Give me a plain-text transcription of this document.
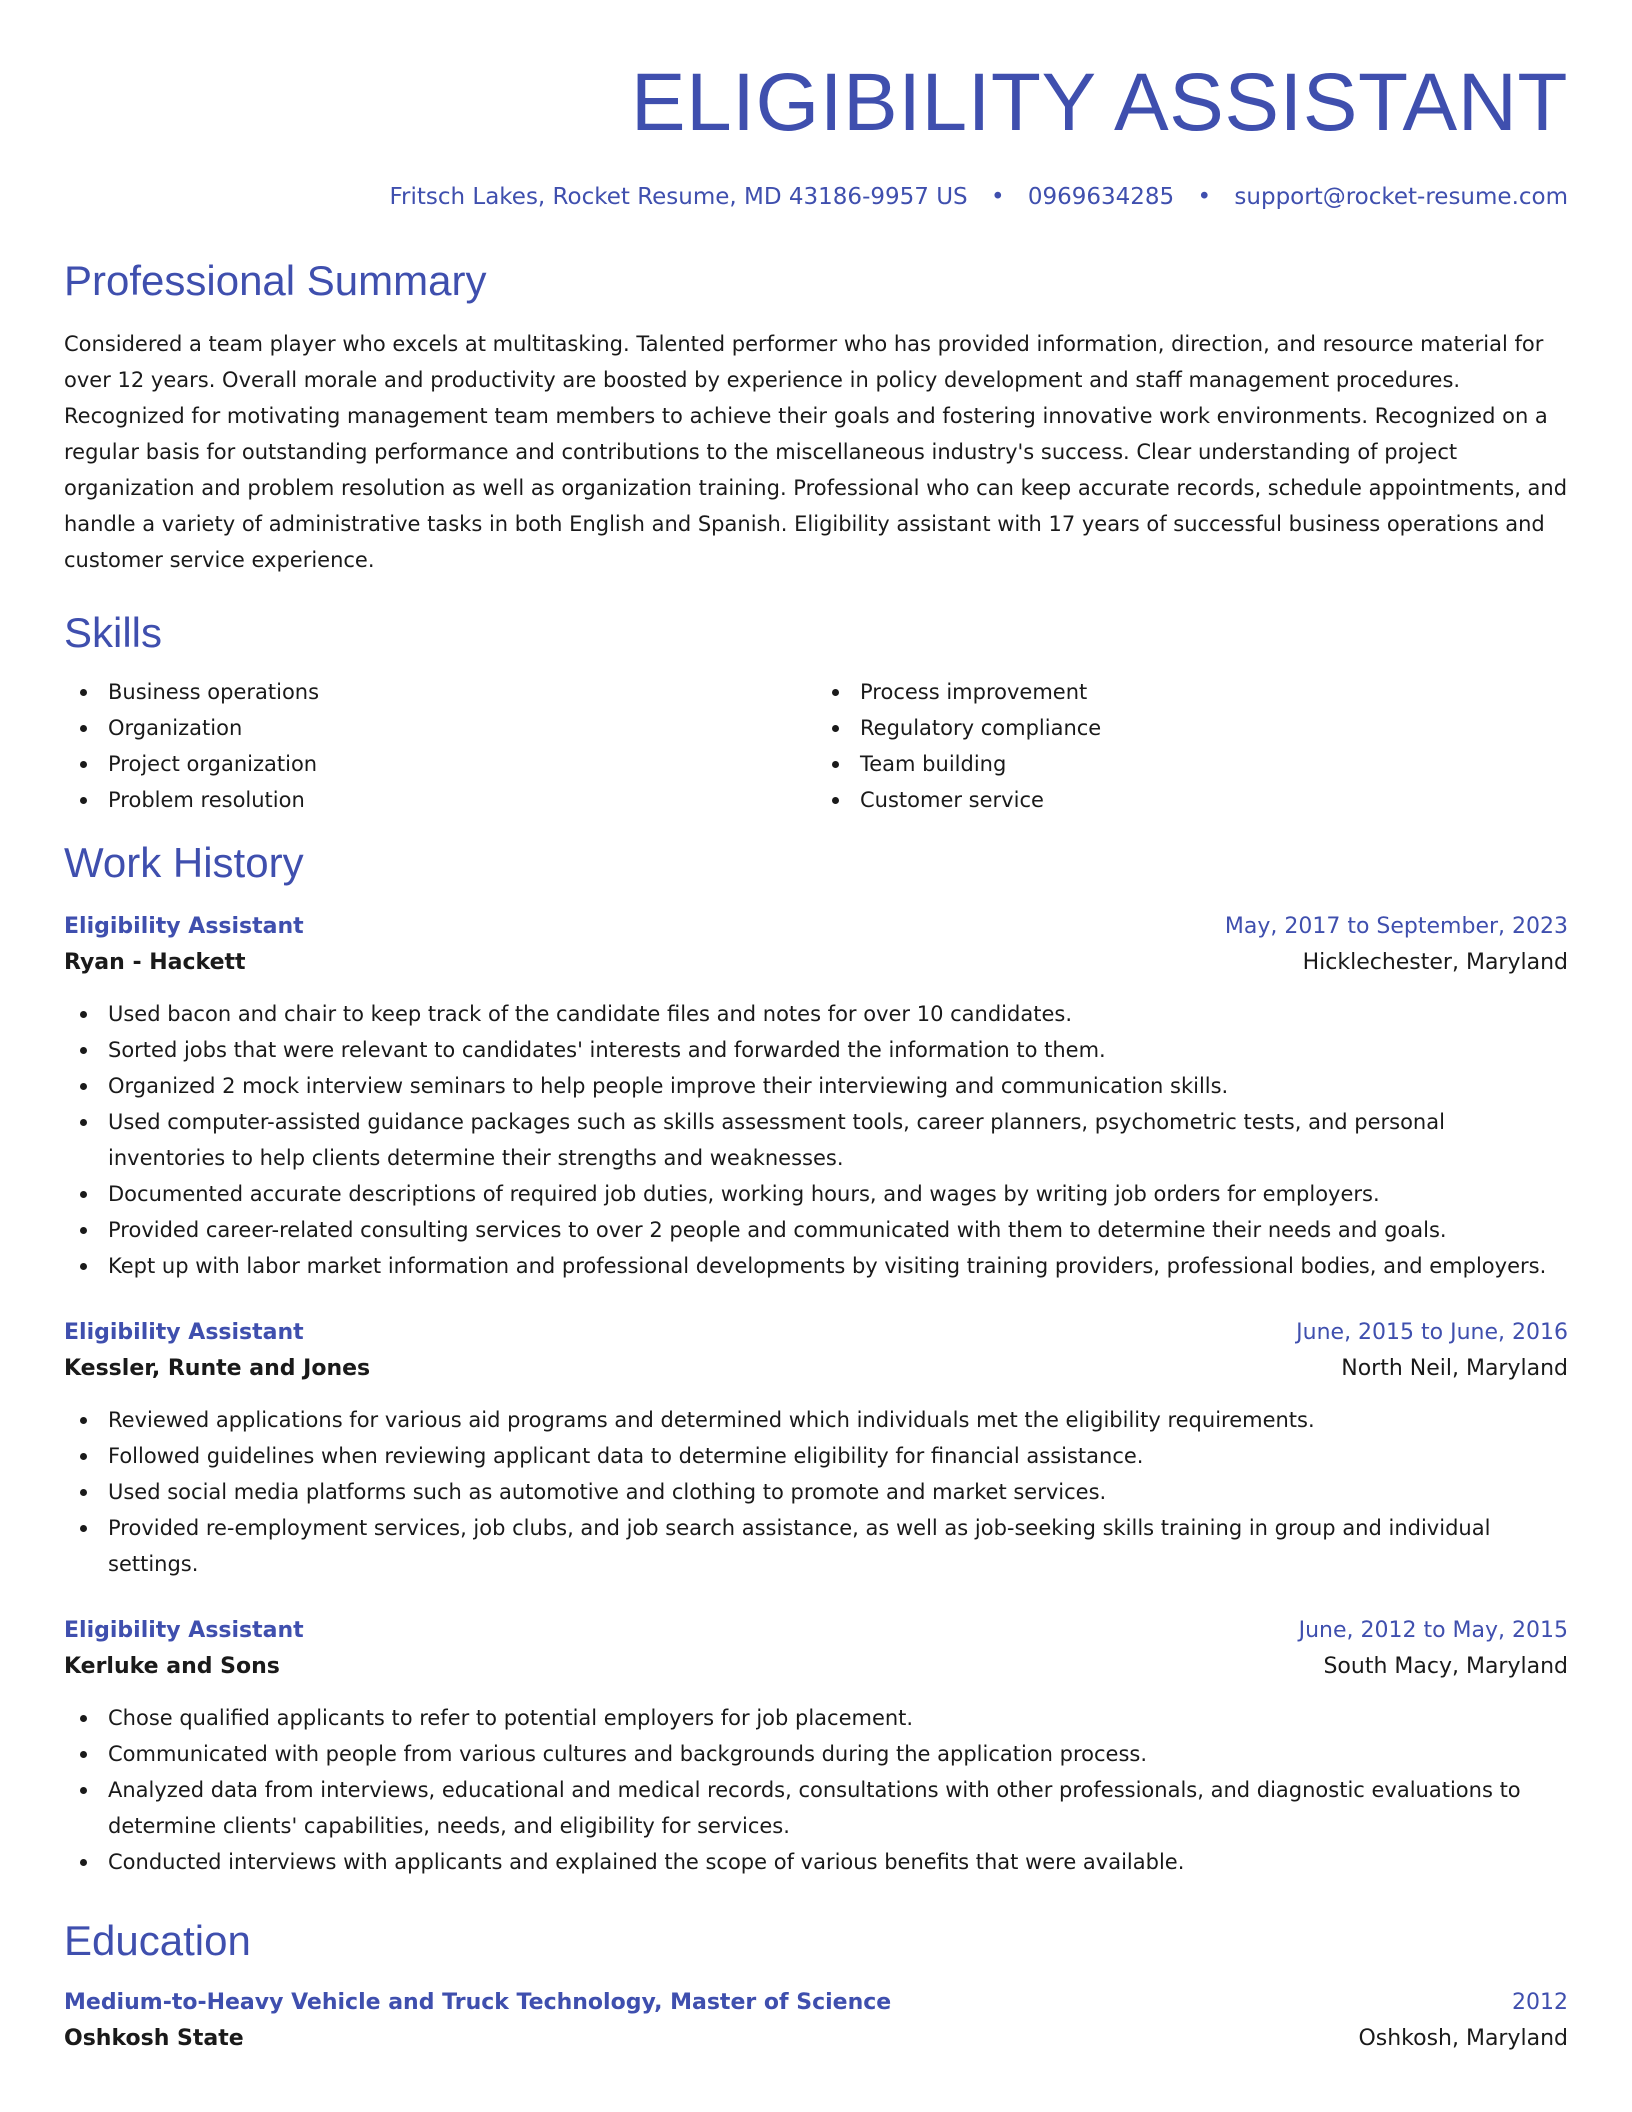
ELIGIBILITY ASSISTANT
Fritsch Lakes, Rocket Resume, MD 43186-9957 US • 0969634285 • support@rocket-resume.com
Professional Summary

Considered a team player who excels at multitasking. Talented performer who has provided information, direction, and resource material for over 12 years. Overall morale and productivity are boosted by experience in policy development and staff management procedures. Recognized for motivating management team members to achieve their goals and fostering innovative work environments. Recognized on a regular basis for outstanding performance and contributions to the miscellaneous industry's success. Clear understanding of project organization and problem resolution as well as organization training. Professional who can keep accurate records, schedule appointments, and handle a variety of administrative tasks in both English and Spanish. Eligibility assistant with 17 years of successful business operations and customer service experience.

Skills
Business operations
Organization
Project organization
Problem resolution
Process improvement
Regulatory compliance
Team building
Customer service
Work History
Eligibility Assistant	May, 2017 to September, 2023
Ryan - Hackett	Hicklechester, Maryland
Used bacon and chair to keep track of the candidate files and notes for over 10 candidates.
Sorted jobs that were relevant to candidates' interests and forwarded the information to them.
Organized 2 mock interview seminars to help people improve their interviewing and communication skills.
Used computer-assisted guidance packages such as skills assessment tools, career planners, psychometric tests, and personal inventories to help clients determine their strengths and weaknesses.
Documented accurate descriptions of required job duties, working hours, and wages by writing job orders for employers.
Provided career-related consulting services to over 2 people and communicated with them to determine their needs and goals.
Kept up with labor market information and professional developments by visiting training providers, professional bodies, and employers.
Eligibility Assistant	June, 2015 to June, 2016
Kessler, Runte and Jones	North Neil, Maryland
Reviewed applications for various aid programs and determined which individuals met the eligibility requirements.
Followed guidelines when reviewing applicant data to determine eligibility for financial assistance.
Used social media platforms such as automotive and clothing to promote and market services.
Provided re-employment services, job clubs, and job search assistance, as well as job-seeking skills training in group and individual settings.
Eligibility Assistant	June, 2012 to May, 2015
Kerluke and Sons	South Macy, Maryland
Chose qualified applicants to refer to potential employers for job placement.
Communicated with people from various cultures and backgrounds during the application process.
Analyzed data from interviews, educational and medical records, consultations with other professionals, and diagnostic evaluations to determine clients' capabilities, needs, and eligibility for services.
Conducted interviews with applicants and explained the scope of various benefits that were available.
Education
Medium-to-Heavy Vehicle and Truck Technology, Master of Science	2012
Oshkosh State	Oshkosh, Maryland
